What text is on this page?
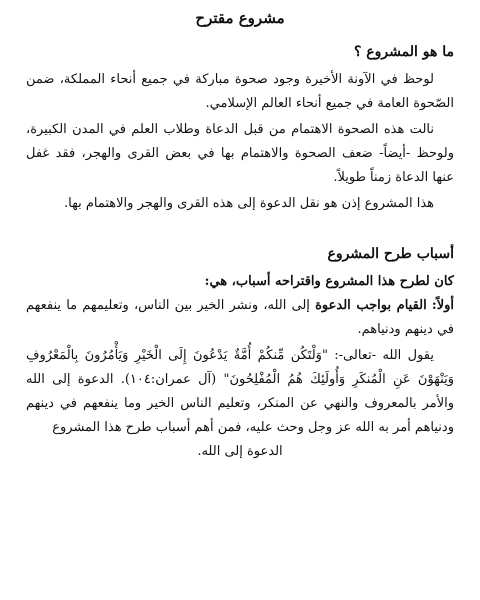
مشروع مقترح
ما هو المشروع ؟

لوحظ في الآونة الأخيرة وجود صحوة مباركة في جميع أنحاء المملكة، ضمن الصّحوة العامة في جميع أنحاء العالم الإسلامي.

نالت هذه الصحوة الاهتمام من قبل الدعاة وطلاب العلم في المدن الكبيرة، ولوحظ -أيضاً- ضعف الصحوة والاهتمام بها في بعض القرى والهجر، فقد غفل عنها الدعاة زمناً طويلاً.

هذا المشروع إذن هو نقل الدعوة إلى هذه القرى والهجر والاهتمام بها.

أسباب طرح المشروع

كان لطرح هذا المشروع واقتراحه أسباب، هي:

أولاً: القيام بواجب الدعوة إلى الله، ونشر الخير بين الناس، وتعليمهم ما ينفعهم في دينهم ودنياهم.

يقول الله -تعالى-: "وَلْتَكُن مِّنكُمْ أُمَّةٌ يَدْعُونَ إِلَى الْخَيْرِ وَيَأْمُرُونَ بِالْمَعْرُوفِ وَيَنْهَوْنَ عَنِ الْمُنكَرِ وَأُولَئِكَ هُمُ الْمُفْلِحُونَ" (آل عمران:١٠٤). الدعوة إلى الله والأمر بالمعروف والنهي عن المنكر، وتعليم الناس الخير وما ينفعهم في دينهم ودنياهم أمر به الله عز وجل وحث عليه، فمن أهم أسباب طرح هذا المشروع

الدعوة إلى الله.
